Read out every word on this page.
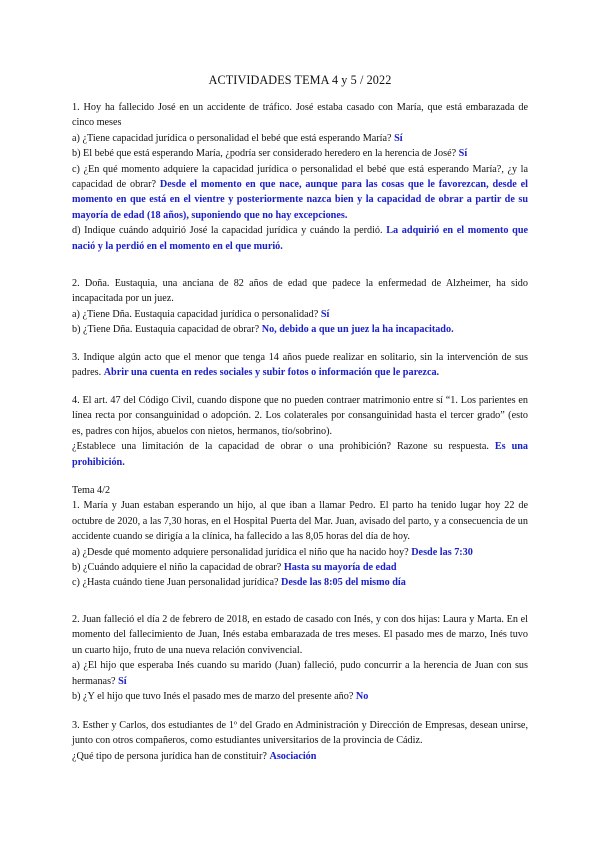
ACTIVIDADES TEMA 4 y 5 / 2022

1. Hoy ha fallecido José en un accidente de tráfico. José estaba casado con María, que está embarazada de cinco meses

a) ¿Tiene capacidad jurídica o personalidad el bebé que está esperando María? Sí

b) El bebé que está esperando María, ¿podría ser considerado heredero en la herencia de José? Sí

c) ¿En qué momento adquiere la capacidad jurídica o personalidad el bebé que está esperando María?, ¿y la capacidad de obrar? Desde el momento en que nace, aunque para las cosas que le favorezcan, desde el momento en que está en el vientre y posteriormente nazca bien y la capacidad de obrar a partir de su mayoría de edad (18 años), suponiendo que no hay excepciones.

d) Indique cuándo adquirió José la capacidad jurídica y cuándo la perdió. La adquirió en el momento que nació y la perdió en el momento en el que murió.

2. Doña. Eustaquia, una anciana de 82 años de edad que padece la enfermedad de Alzheimer, ha sido incapacitada por un juez.

a) ¿Tiene Dña. Eustaquia capacidad jurídica o personalidad? Sí

b) ¿Tiene Dña. Eustaquia capacidad de obrar? No, debido a que un juez la ha incapacitado.

3. Indique algún acto que el menor que tenga 14 años puede realizar en solitario, sin la intervención de sus padres. Abrir una cuenta en redes sociales y subir fotos o información que le parezca.

4. El art. 47 del Código Civil, cuando dispone que no pueden contraer matrimonio entre sí “1. Los parientes en línea recta por consanguinidad o adopción. 2. Los colaterales por consanguinidad hasta el tercer grado” (esto es, padres con hijos, abuelos con nietos, hermanos, tío/sobrino).

¿Establece una limitación de la capacidad de obrar o una prohibición? Razone su respuesta. Es una prohibición.

Tema 4/2

1. María y Juan estaban esperando un hijo, al que iban a llamar Pedro. El parto ha tenido lugar hoy 22 de octubre de 2020, a las 7,30 horas, en el Hospital Puerta del Mar. Juan, avisado del parto, y a consecuencia de un accidente cuando se dirigía a la clínica, ha fallecido a las 8,05 horas del día de hoy.

a) ¿Desde qué momento adquiere personalidad jurídica el niño que ha nacido hoy? Desde las 7:30

b) ¿Cuándo adquiere el niño la capacidad de obrar? Hasta su mayoría de edad

c) ¿Hasta cuándo tiene Juan personalidad jurídica? Desde las 8:05 del mismo día

2. Juan falleció el día 2 de febrero de 2018, en estado de casado con Inés, y con dos hijas: Laura y Marta. En el momento del fallecimiento de Juan, Inés estaba embarazada de tres meses. El pasado mes de marzo, Inés tuvo un cuarto hijo, fruto de una nueva relación convivencial.

a) ¿El hijo que esperaba Inés cuando su marido (Juan) falleció, pudo concurrir a la herencia de Juan con sus hermanas? Sí

b) ¿Y el hijo que tuvo Inés el pasado mes de marzo del presente año? No

3. Esther y Carlos, dos estudiantes de 1º del Grado en Administración y Dirección de Empresas, desean unirse, junto con otros compañeros, como estudiantes universitarios de la provincia de Cádiz.

¿Qué tipo de persona jurídica han de constituir? Asociación
